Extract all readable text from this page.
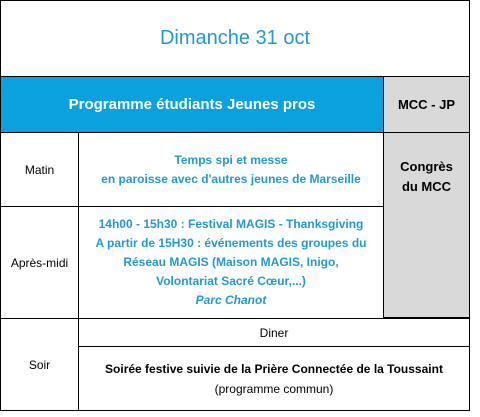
Dimanche 31 oct
Programme étudiants Jeunes pros	MCC - JP
Matin
Temps spi et messe
en paroisse avec d'autres jeunes de Marseille
Après-midi
14h00 - 15h30 : Festival MAGIS - Thanksgiving
A partir de 15H30 : événements des groupes du
Réseau MAGIS (Maison MAGIS, Inigo,
Volontariat Sacré Cœur,...)
Parc Chanot
Congrès
du MCC
Soir
Diner
Soirée festive suivie de la Prière Connectée de la Toussaint
(programme commun)
